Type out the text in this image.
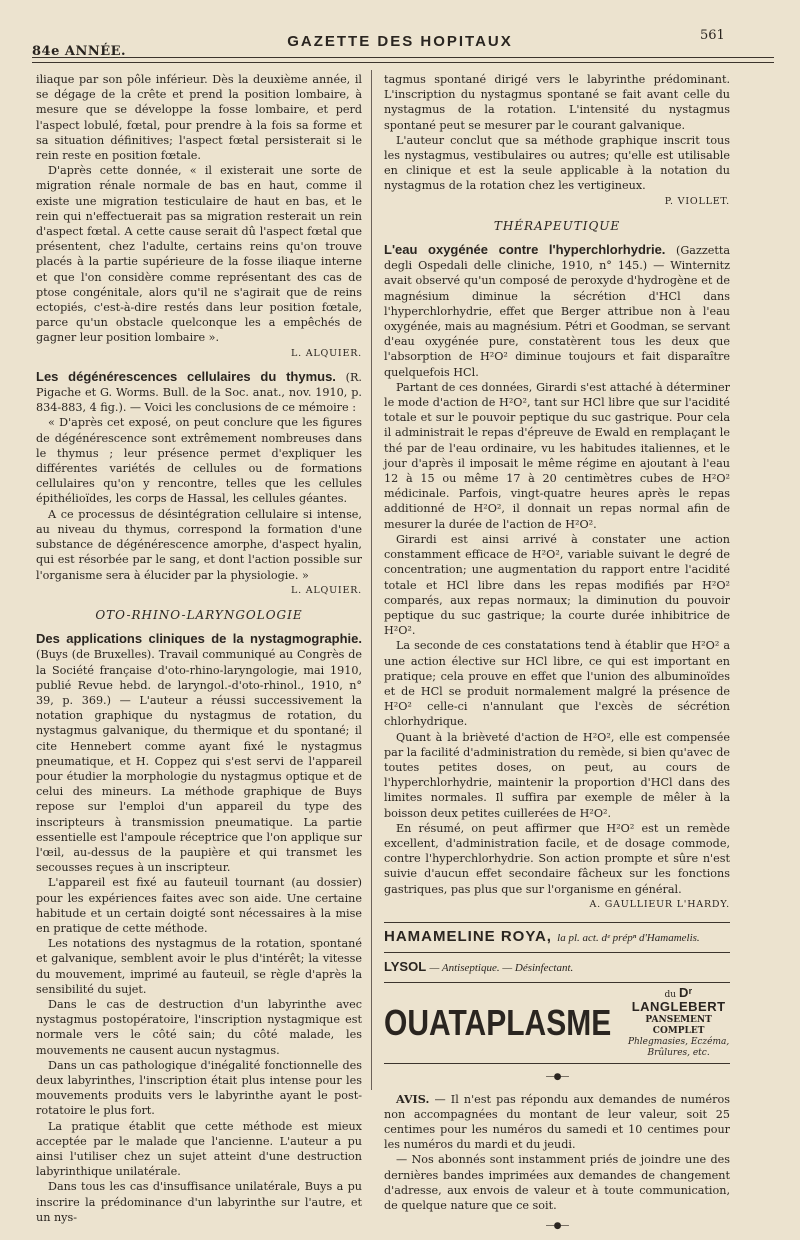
84e ANNÉE.
GAZETTE DES HOPITAUX	561

iliaque par son pôle inférieur. Dès la deuxième année, il se dégage de la crête et prend la position lombaire, à mesure que se développe la fosse lombaire, et perd l'aspect lobulé, fœtal, pour prendre à la fois sa forme et sa situation définitives; l'aspect fœtal persisterait si le rein reste en position fœtale.

D'après cette donnée, « il existerait une sorte de migration rénale normale de bas en haut, comme il existe une migration testiculaire de haut en bas, et le rein qui n'effectuerait pas sa migration resterait un rein d'aspect fœtal. A cette cause serait dû l'aspect fœtal que présentent, chez l'adulte, certains reins qu'on trouve placés à la partie supérieure de la fosse iliaque interne et que l'on considère comme représentant des cas de ptose congénitale, alors qu'il ne s'agirait que de reins ectopiés, c'est-à-dire restés dans leur position fœtale, parce qu'un obstacle quelconque les a empêchés de gagner leur position lombaire ».

L. ALQUIER.

Les dégénérescences cellulaires du thymus. (R. Pigache et G. Worms. Bull. de la Soc. anat., nov. 1910, p. 834-883, 4 fig.). — Voici les conclusions de ce mémoire :

« D'après cet exposé, on peut conclure que les figures de dégénérescence sont extrêmement nombreuses dans le thymus ; leur présence permet d'expliquer les différentes variétés de cellules ou de formations cellulaires qu'on y rencontre, telles que les cellules épithélioïdes, les corps de Hassal, les cellules géantes.

A ce processus de désintégration cellulaire si intense, au niveau du thymus, correspond la formation d'une substance de dégénérescence amorphe, d'aspect hyalin, qui est résorbée par le sang, et dont l'action possible sur l'organisme sera à élucider par la physiologie. »

L. ALQUIER.
OTO-RHINO-LARYNGOLOGIE

Des applications cliniques de la nystagmographie. (Buys (de Bruxelles). Travail communiqué au Congrès de la Société française d'oto-rhino-laryngologie, mai 1910, publié Revue hebd. de laryngol.-d'oto-rhinol., 1910, n° 39, p. 369.) — L'auteur a réussi successivement la notation graphique du nystagmus de rotation, du nystagmus galvanique, du thermique et du spontané; il cite Hennebert comme ayant fixé le nystagmus pneumatique, et H. Coppez qui s'est servi de l'appareil pour étudier la morphologie du nystagmus optique et de celui des mineurs. La méthode graphique de Buys repose sur l'emploi d'un appareil du type des inscripteurs à transmission pneumatique. La partie essentielle est l'ampoule réceptrice que l'on applique sur l'œil, au-dessus de la paupière et qui transmet les secousses reçues à un inscripteur.

L'appareil est fixé au fauteuil tournant (au dossier) pour les expériences faites avec son aide. Une certaine habitude et un certain doigté sont nécessaires à la mise en pratique de cette méthode.

Les notations des nystagmus de la rotation, spontané et galvanique, semblent avoir le plus d'intérêt; la vitesse du mouvement, imprimé au fauteuil, se règle d'après la sensibilité du sujet.

Dans le cas de destruction d'un labyrinthe avec nystagmus postopératoire, l'inscription nystagmique est normale vers le côté sain; du côté malade, les mouvements ne causent aucun nystagmus.

Dans un cas pathologique d'inégalité fonctionnelle des deux labyrinthes, l'inscription était plus intense pour les mouvements produits vers le labyrinthe ayant le post-rotatoire le plus fort.

La pratique établit que cette méthode est mieux acceptée par le malade que l'ancienne. L'auteur a pu ainsi l'utiliser chez un sujet atteint d'une destruction labyrinthique unilatérale.

Dans tous les cas d'insuffisance unilatérale, Buys a pu inscrire la prédominance d'un labyrinthe sur l'autre, et un nys-

tagmus spontané dirigé vers le labyrinthe prédominant. L'inscription du nystagmus spontané se fait avant celle du nystagmus de la rotation. L'intensité du nystagmus spontané peut se mesurer par le courant galvanique.

L'auteur conclut que sa méthode graphique inscrit tous les nystagmus, vestibulaires ou autres; qu'elle est utilisable en clinique et est la seule applicable à la notation du nystagmus de la rotation chez les vertigineux.

P. VIOLLET.
THÉRAPEUTIQUE

L'eau oxygénée contre l'hyperchlorhydrie. (Gazzetta degli Ospedali delle cliniche, 1910, n° 145.) — Winternitz avait observé qu'un composé de peroxyde d'hydrogène et de magnésium diminue la sécrétion d'HCl dans l'hyperchlorhydrie, effet que Berger attribue non à l'eau oxygénée, mais au magnésium. Pétri et Goodman, se servant d'eau oxygénée pure, constatèrent tous les deux que l'absorption de H²O² diminue toujours et fait disparaître quelquefois HCl.

Partant de ces données, Girardi s'est attaché à déterminer le mode d'action de H²O², tant sur HCl libre que sur l'acidité totale et sur le pouvoir peptique du suc gastrique. Pour cela il administrait le repas d'épreuve de Ewald en remplaçant le thé par de l'eau ordinaire, vu les habitudes italiennes, et le jour d'après il imposait le même régime en ajoutant à l'eau 12 à 15 ou même 17 à 20 centimètres cubes de H²O² médicinale. Parfois, vingt-quatre heures après le repas additionné de H²O², il donnait un repas normal afin de mesurer la durée de l'action de H²O².

Girardi est ainsi arrivé à constater une action constamment efficace de H²O², variable suivant le degré de concentration; une augmentation du rapport entre l'acidité totale et HCl libre dans les repas modifiés par H²O² comparés, aux repas normaux; la diminution du pouvoir peptique du suc gastrique; la courte durée inhibitrice de H²O².

La seconde de ces constatations tend à établir que H²O² a une action élective sur HCl libre, ce qui est important en pratique; cela prouve en effet que l'union des albuminoïdes et de HCl se produit normalement malgré la présence de H²O² celle-ci n'annulant que l'excès de sécrétion chlorhydrique.

Quant à la brièveté d'action de H²O², elle est compensée par la facilité d'administration du remède, si bien qu'avec de toutes petites doses, on peut, au cours de l'hyperchlorhydrie, maintenir la proportion d'HCl dans des limites normales. Il suffira par exemple de mêler à la boisson deux petites cuillerées de H²O².

En résumé, on peut affirmer que H²O² est un remède excellent, d'administration facile, et de dosage commode, contre l'hyperchlorhydrie. Son action prompte et sûre n'est suivie d'aucun effet secondaire fâcheux sur les fonctions gastriques, pas plus que sur l'organisme en général.

A. GAULLIEUR L'HARDY.
HAMAMELINE ROYA, la pl. act. dᵉ prépⁿ d'Hamamelis.
LYSOL — Antiseptique. — Désinfectant.
OUATAPLASME
du Dʳ LANGLEBERT
PANSEMENT COMPLET
Phlegmasies, Eczéma, Brûlures, etc.
—●—

AVIS. — Il n'est pas répondu aux demandes de numéros non accompagnées du montant de leur valeur, soit 25 centimes pour les numéros du samedi et 10 centimes pour les numéros du mardi et du jeudi.

— Nos abonnés sont instamment priés de joindre une des dernières bandes imprimées aux demandes de changement d'adresse, aux envois de valeur et à toute communication, de quelque nature que ce soit.

—●—
